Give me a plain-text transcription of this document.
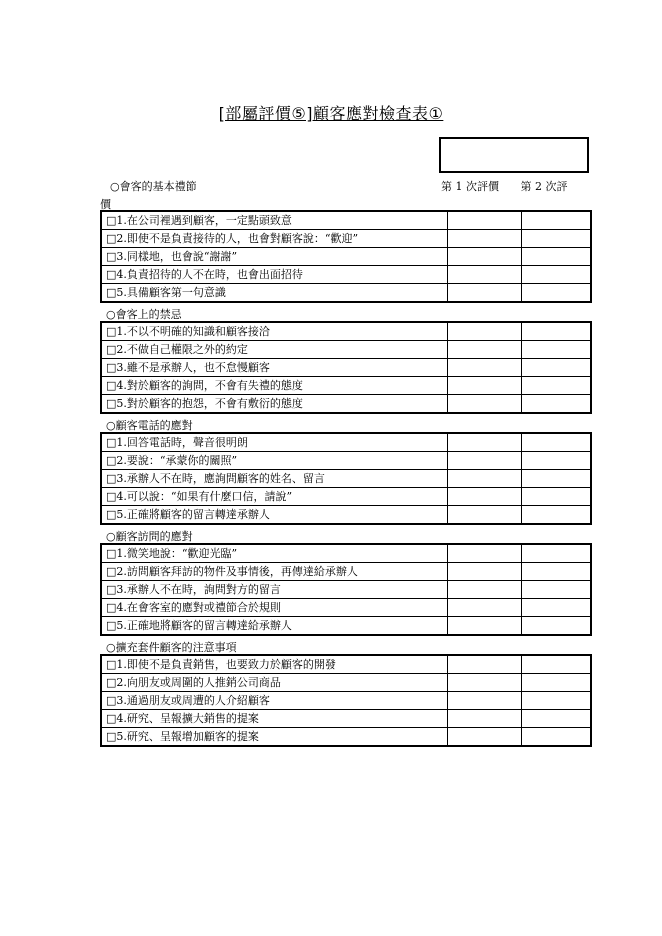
[部屬評價⑤]顧客應對檢查表①
○會客的基本禮節	第 1 次評價 第 2 次評
價
□1.在公司裡遇到顧客，一定點頭致意		
□2.即使不是負責接待的人，也會對顧客說：“歡迎”		
□3.同樣地，也會說“謝謝”		
□4.負責招待的人不在時，也會出面招待		
□5.具備顧客第一句意識		
○會客上的禁忌
□1.不以不明確的知識和顧客接洽		
□2.不做自己權限之外的約定		
□3.雖不是承辦人，也不怠慢顧客		
□4.對於顧客的詢問，不會有失禮的態度		
□5.對於顧客的抱怨，不會有敷衍的態度		
○顧客電話的應對
□1.回答電話時，聲音很明朗		
□2.要說：“承蒙你的關照”		
□3.承辦人不在時，應詢問顧客的姓名、留言		
□4.可以說：“如果有什麼口信，請說”		
□5.正確將顧客的留言轉達承辦人		
○顧客訪問的應對
□1.微笑地說：“歡迎光臨”		
□2.訪問顧客拜訪的物件及事情後，再傳達給承辦人		
□3.承辦人不在時，詢問對方的留言		
□4.在會客室的應對或禮節合於規則		
□5.正確地將顧客的留言轉達給承辦人		
○擴充套件顧客的注意事項
□1.即使不是負責銷售，也要致力於顧客的開發		
□2.向朋友或周圍的人推銷公司商品		
□3.通過朋友或周遭的人介紹顧客		
□4.研究、呈報擴大銷售的提案		
□5.研究、呈報增加顧客的提案		
